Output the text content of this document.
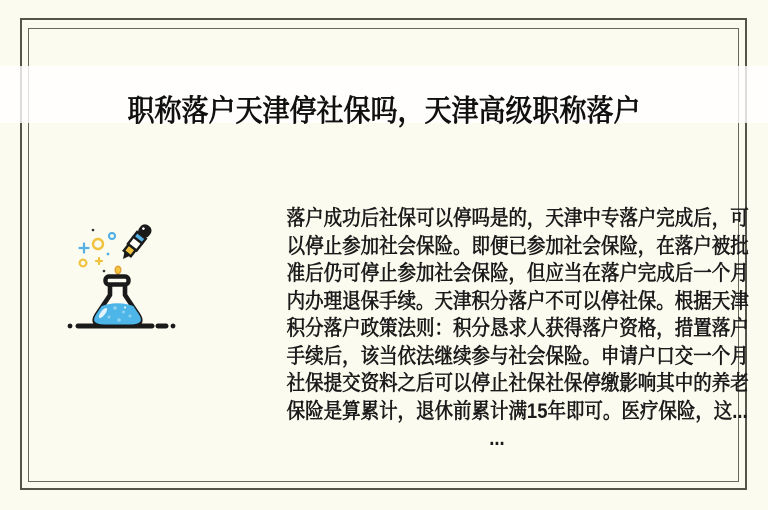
职称落户天津停社保吗，天津高级职称落户
落户成功后社保可以停吗是的，天津中专落户完成后，可
以停止参加社会保险。即便已参加社会保险，在落户被批
准后仍可停止参加社会保险，但应当在落户完成后一个月
内办理退保手续。天津积分落户不可以停社保。根据天津
积分落户政策法则：积分恳求人获得落户资格，措置落户
手续后，该当依法继续参与社会保险。申请户口交一个月
社保提交资料之后可以停止社保社保停缴影响其中的养老
保险是算累计，退休前累计满15年即可。医疗保险，这...
...
